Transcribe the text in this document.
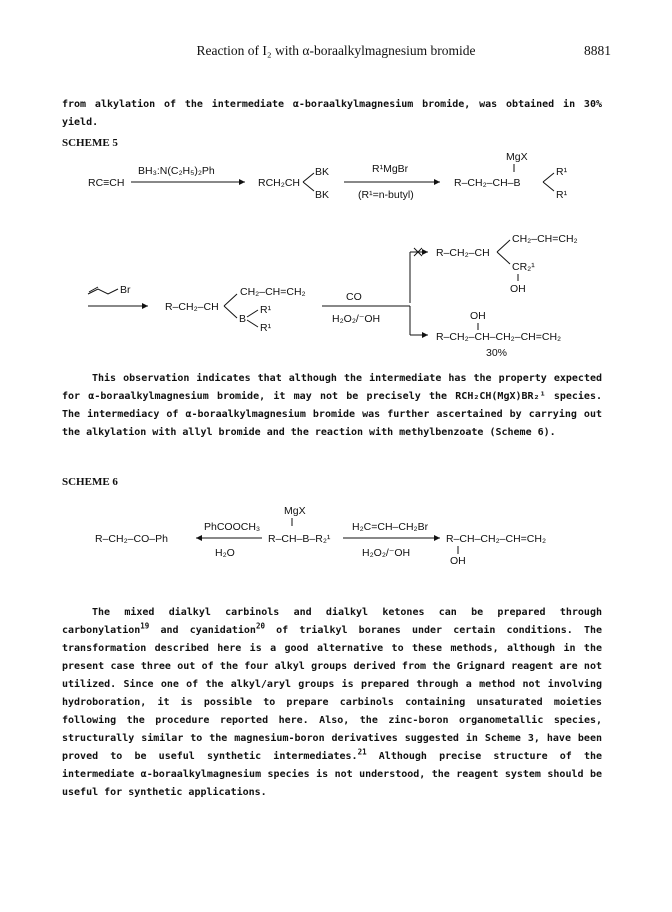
Reaction of I₂ with α-boraalkylmagnesium bromide	8881

from alkylation of the intermediate α-boraalkylmagnesium bromide, was obtained in 30% yield.

SCHEME 5
RC≡CH
BH₃:N(C₂H₅)₂Ph
RCH₂CH
BK
BK
R¹MgBr
(R¹=n-butyl)
MgX
R–CH₂–CH–B
R¹
R¹
CH₂–CH=CH₂
R–CH₂–CH
CR₂¹
OH
Br
R–CH₂–CH
CH₂–CH=CH₂
B
R¹
R¹
CO
H₂O₂/⁻OH	OH
R–CH₂–CH–CH₂–CH=CH₂
30%

This observation indicates that although the intermediate has the property expected for α-boraalkylmagnesium bromide, it may not be precisely the RCH₂CH(MgX)BR₂¹ species. The intermediacy of α-boraalkylmagnesium bromide was further ascertained by carrying out the alkylation with allyl bromide and the reaction with methylbenzoate (Scheme 6).

SCHEME 6
R–CH₂–CO–Ph
PhCOOCH₃
H₂O
MgX
R–CH–B–R₂¹
H₂C=CH–CH₂Br
H₂O₂/⁻OH
R–CH–CH₂–CH=CH₂
OH

The mixed dialkyl carbinols and dialkyl ketones can be prepared through carbonylation$^{19}$ and cyanidation$^{20}$ of trialkyl boranes under certain conditions. The transformation described here is a good alternative to these methods, although in the present case three out of the four alkyl groups derived from the Grignard reagent are not utilized. Since one of the alkyl/aryl groups is prepared through a method not involving hydroboration, it is possible to prepare carbinols containing unsaturated moieties following the procedure reported here. Also, the zinc-boron organometallic species, structurally similar to the magnesium-boron derivatives suggested in Scheme 3, have been proved to be useful synthetic intermediates.$^{21}$ Although precise structure of the intermediate α-boraalkylmagnesium species is not understood, the reagent system should be useful for synthetic applications.
